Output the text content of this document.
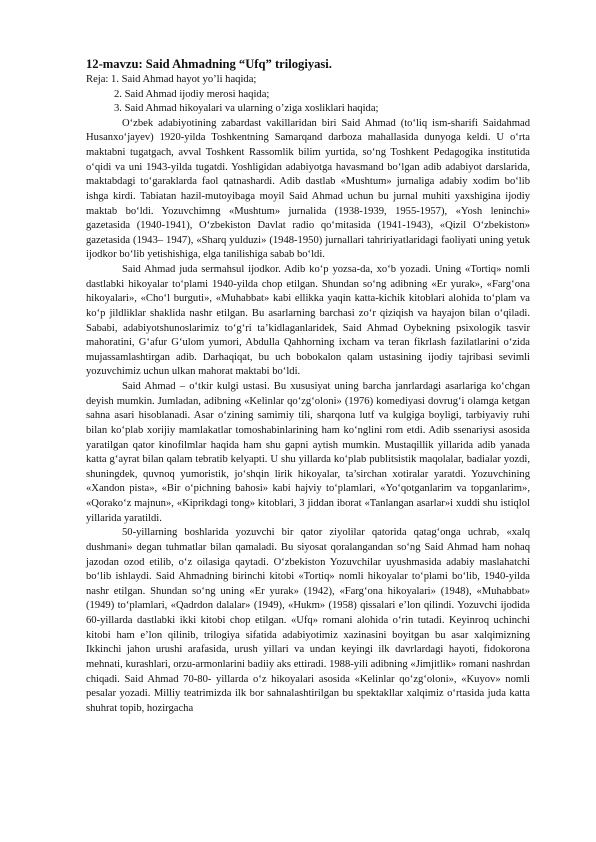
12-mavzu: Said Ahmadning “Ufq” trilogiyasi.

Reja: 1. Said Ahmad hayot yo’li haqida;

2. Said Ahmad ijodiy merosi haqida;

3. Said Ahmad hikoyalari va ularning o’ziga xosliklari haqida;

O‘zbek adabiyotining zabardast vakillaridan biri Said Ahmad (to‘liq ism-sharifi Saidahmad Husanxo‘jayev) 1920-yilda Toshkentning Samarqand darboza mahallasida dunyoga keldi. U o‘rta maktabni tugatgach, avval Toshkent Rassomlik bilim yurtida, so‘ng Toshkent Pedagogika institutida o‘qidi va uni 1943-yilda tugatdi. Yoshligidan adabiyotga havasmand bo‘lgan adib adabiyot darslarida, maktabdagi to‘garaklarda faol qatnashardi. Adib dastlab «Mushtum» jurnaliga adabiy xodim bo‘lib ishga kirdi. Tabiatan hazil-mutoyibaga moyil Said Ahmad uchun bu jurnal muhiti yaxshigina ijodiy maktab bo‘ldi. Yozuvchimng «Mushtum» jurnalida (1938-1939, 1955-1957), «Yosh leninchi» gazetasida (1940-1941), O‘zbekiston Davlat radio qo‘mitasida (1941-1943), «Qizil O‘zbekiston» gazetasida (1943– 1947), «Sharq yulduzi» (1948-1950) jurnallari tahririyatlaridagi faoliyati uning yetuk ijodkor bo‘lib yetishishiga, elga tanilishiga sabab bo‘ldi.

Said Ahmad juda sermahsul ijodkor. Adib ko‘p yozsa-da, xo‘b yozadi. Uning «Tortiq» nomli dastlabki hikoyalar to‘plami 1940-yilda chop etilgan. Shundan so‘ng adibning «Er yurak», «Farg‘ona hikoyalari», «Cho‘l burguti», «Muhabbat» kabi ellikka yaqin katta-kichik kitoblari alohida to‘plam va ko‘p jildliklar shaklida nashr etilgan. Bu asarlarning barchasi zo‘r qiziqish va hayajon bilan o‘qiladi. Sababi, adabiyotshunoslarimiz to‘g‘ri ta’kidlaganlaridek, Said Ahmad Oybekning psixologik tasvir mahoratini, G‘afur G‘ulom yumori, Abdulla Qahhorning ixcham va teran fikrlash fazilatlarini o‘zida mujassamlashtirgan adib. Darhaqiqat, bu uch bobokalon qalam ustasining ijodiy tajribasi sevimli yozuvchimiz uchun ulkan mahorat maktabi bo‘ldi.

Said Ahmad – o‘tkir kulgi ustasi. Bu xususiyat uning barcha janrlardagi asarlariga ko‘chgan deyish mumkin. Jumladan, adibning «Kelinlar qo‘zg‘oloni» (1976) komediyasi dovrug‘i olamga ketgan sahna asari hisoblanadi. Asar o‘zining samimiy tili, sharqona lutf va kulgiga boyligi, tarbiyaviy ruhi bilan ko‘plab xorijiy mamlakatlar tomoshabinlarining ham ko‘nglini rom etdi. Adib ssenariysi asosida yaratilgan qator kinofilmlar haqida ham shu gapni aytish mumkin. Mustaqillik yillarida adib yanada katta g‘ayrat bilan qalam tebratib kelyapti. U shu yillarda ko‘plab publitsistik maqolalar, badialar yozdi, shuningdek, quvnoq yumoristik, jo‘shqin lirik hikoyalar, ta’sirchan xotiralar yaratdi. Yozuvchining «Xandon pista», «Bir o‘pichning bahosi» kabi hajviy to‘plamlari, «Yo‘qotganlarim va topganlarim», «Qorako‘z majnun», «Kiprikdagi tong» kitoblari, 3 jiddan iborat «Tanlangan asarlar»i xuddi shu istiqlol yillarida yaratildi.

50-yillarning boshlarida yozuvchi bir qator ziyolilar qatorida qatag‘onga uchrab, «xalq dushmani» degan tuhmatlar bilan qamaladi. Bu siyosat qoralangandan so‘ng Said Ahmad ham nohaq jazodan ozod etilib, o‘z oilasiga qaytadi. O‘zbekiston Yozuvchilar uyushmasida adabiy maslahatchi bo‘lib ishlaydi. Said Ahmadning birinchi kitobi «Tortiq» nomli hikoyalar to‘plami bo‘lib, 1940-yilda nashr etilgan. Shundan so‘ng uning «Er yurak» (1942), «Farg‘ona hikoyalari» (1948), «Muhabbat» (1949) to‘plamlari, «Qadrdon dalalar» (1949), «Hukm» (1958) qissalari e’lon qilindi. Yozuvchi ijodida 60-yillarda dastlabki ikki kitobi chop etilgan. «Ufq» romani alohida o‘rin tutadi. Keyinroq uchinchi kitobi ham e’lon qilinib, trilogiya sifatida adabiyotimiz xazinasini boyitgan bu asar xalqimizning Ikkinchi jahon urushi arafasida, urush yillari va undan keyingi ilk davrlardagi hayoti, fidokorona mehnati, kurashlari, orzu-armonlarini badiiy aks ettiradi. 1988-yili adibning «Jimjitlik» romani nashrdan chiqadi. Said Ahmad 70-80- yillarda o‘z hikoyalari asosida «Kelinlar qo‘zg‘oloni», «Kuyov» nomli pesalar yozadi. Milliy teatrimizda ilk bor sahnalashtirilgan bu spektakllar xalqimiz o‘rtasida juda katta shuhrat topib, hozirgacha
